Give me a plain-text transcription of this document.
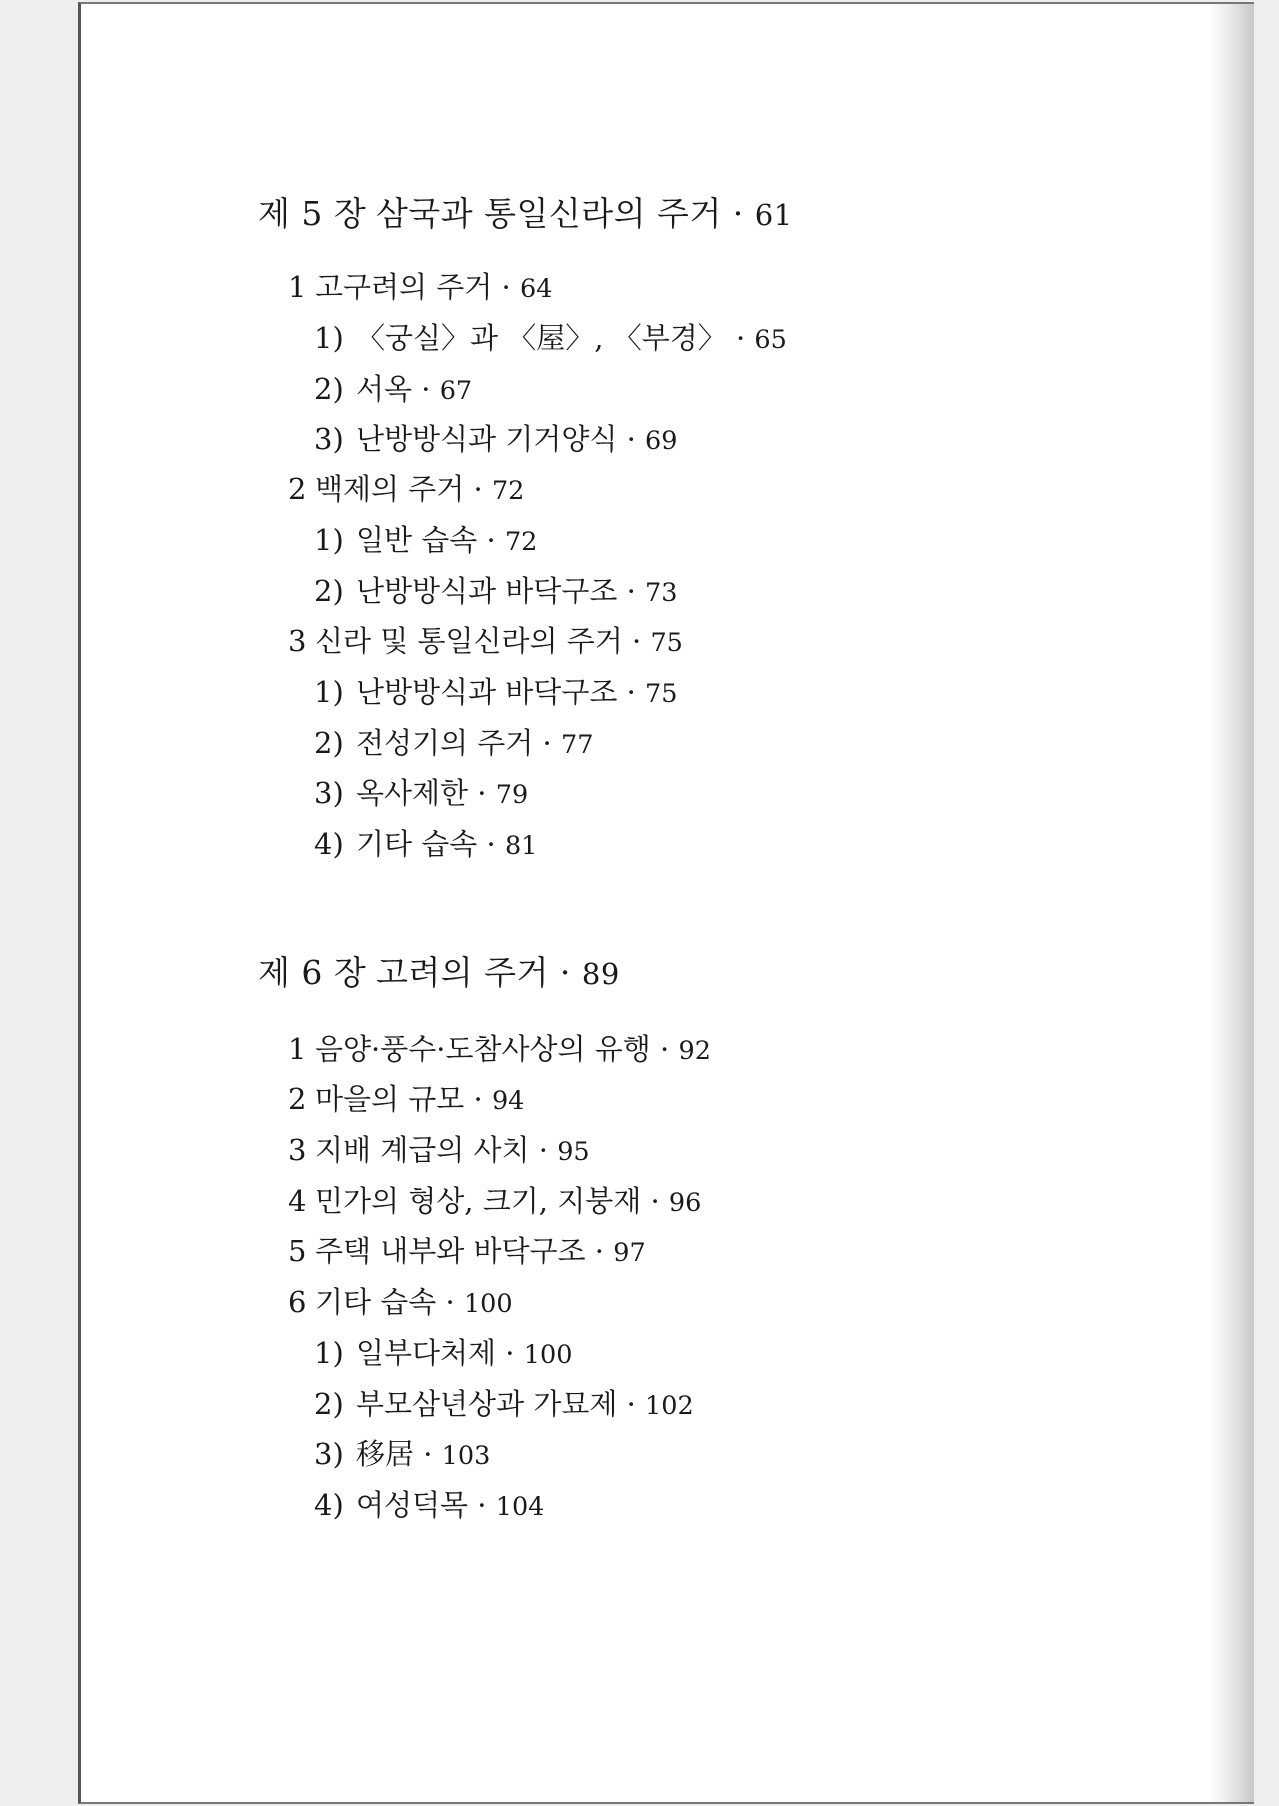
제 5 장 삼국과 통일신라의 주거 · 61
1 고구려의 주거 · 64
1) 〈궁실〉과 〈屋〉, 〈부경〉 · 65
2) 서옥 · 67
3) 난방방식과 기거양식 · 69
2 백제의 주거 · 72
1) 일반 습속 · 72
2) 난방방식과 바닥구조 · 73
3 신라 및 통일신라의 주거 · 75
1) 난방방식과 바닥구조 · 75
2) 전성기의 주거 · 77
3) 옥사제한 · 79
4) 기타 습속 · 81
제 6 장 고려의 주거 · 89
1 음양·풍수·도참사상의 유행 · 92
2 마을의 규모 · 94
3 지배 계급의 사치 · 95
4 민가의 형상, 크기, 지붕재 · 96
5 주택 내부와 바닥구조 · 97
6 기타 습속 · 100
1) 일부다처제 · 100
2) 부모삼년상과 가묘제 · 102
3) 移居 · 103
4) 여성덕목 · 104
